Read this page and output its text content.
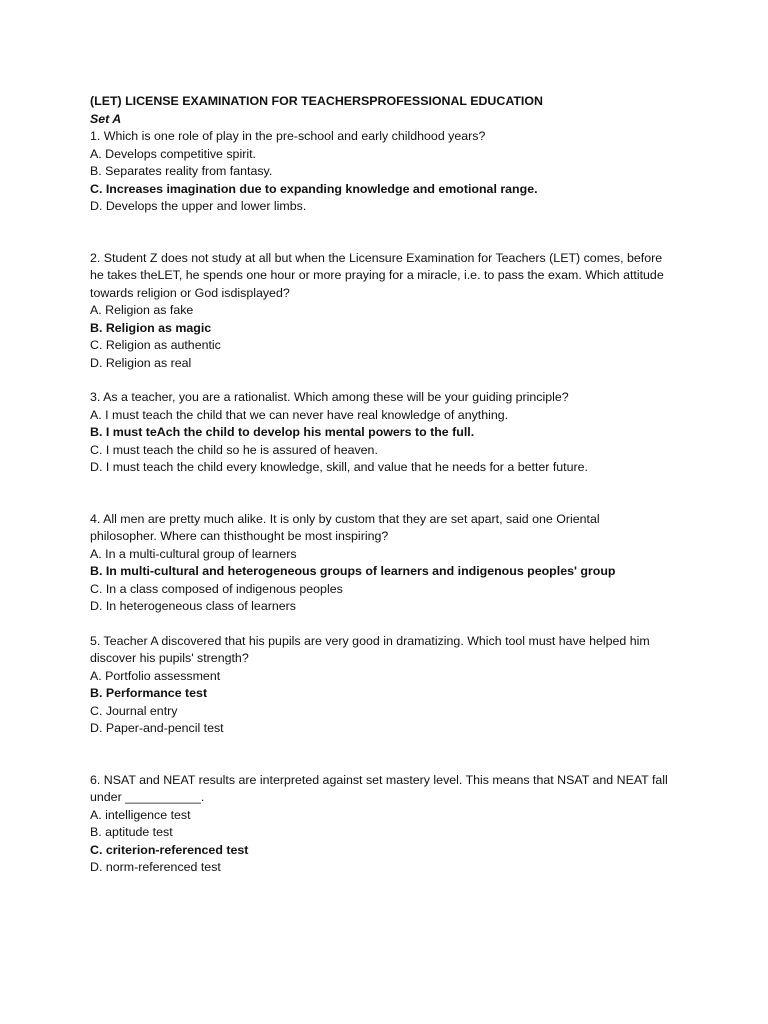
(LET) LICENSE EXAMINATION FOR TEACHERSPROFESSIONAL EDUCATION
Set A
1. Which is one role of play in the pre-school and early childhood years?
A. Develops competitive spirit.
B. Separates reality from fantasy.
C. Increases imagination due to expanding knowledge and emotional range.
D. Develops the upper and lower limbs.
2. Student Z does not study at all but when the Licensure Examination for Teachers (LET) comes, before
he takes theLET, he spends one hour or more praying for a miracle, i.e. to pass the exam. Which attitude
towards religion or God isdisplayed?
A. Religion as fake
B. Religion as magic
C. Religion as authentic
D. Religion as real
3. As a teacher, you are a rationalist. Which among these will be your guiding principle?
A. I must teach the child that we can never have real knowledge of anything.
B. I must teAch the child to develop his mental powers to the full.
C. I must teach the child so he is assured of heaven.
D. I must teach the child every knowledge, skill, and value that he needs for a better future.
4. All men are pretty much alike. It is only by custom that they are set apart, said one Oriental
philosopher. Where can thisthought be most inspiring?
A. In a multi-cultural group of learners
B. In multi-cultural and heterogeneous groups of learners and indigenous peoples' group
C. In a class composed of indigenous peoples
D. In heterogeneous class of learners
5. Teacher A discovered that his pupils are very good in dramatizing. Which tool must have helped him
discover his pupils' strength?
A. Portfolio assessment
B. Performance test
C. Journal entry
D. Paper-and-pencil test
6. NSAT and NEAT results are interpreted against set mastery level. This means that NSAT and NEAT fall
under ___________.
A. intelligence test
B. aptitude test
C. criterion-referenced test
D. norm-referenced test
